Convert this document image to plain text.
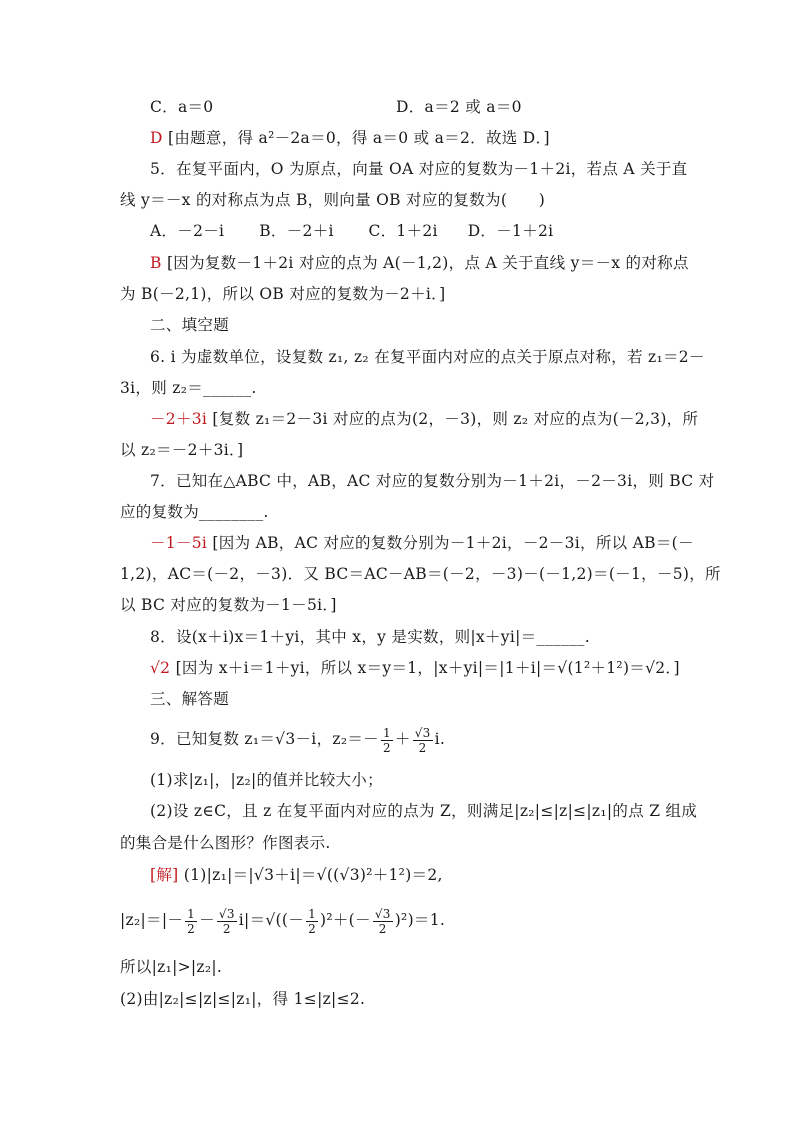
C．a＝0	D．a＝2 或 a＝0
D [由题意，得 a²－2a＝0，得 a＝0 或 a＝2．故选 D．]
5．在复平面内，O 为原点，向量 OA 对应的复数为－1＋2i，若点 A 关于直
线 y＝－x 的对称点为点 B，则向量 OB 对应的复数为(　　)
A．－2－i B．－2＋i C．1＋2i D．－1＋2i
B [因为复数－1＋2i 对应的点为 A(－1,2)，点 A 关于直线 y＝－x 的对称点
为 B(－2,1)，所以 OB 对应的复数为－2＋i．]
二、填空题
6. i 为虚数单位，设复数 z₁, z₂ 在复平面内对应的点关于原点对称，若 z₁＝2－
3i，则 z₂＝______.
－2＋3i [复数 z₁＝2－3i 对应的点为(2，－3)，则 z₂ 对应的点为(－2,3)，所
以 z₂＝－2＋3i．]
7．已知在△ABC 中，AB，AC 对应的复数分别为－1＋2i，－2－3i，则 BC 对
应的复数为________.
－1－5i [因为 AB，AC 对应的复数分别为－1＋2i，－2－3i，所以 AB＝(－
1,2)，AC＝(－2，－3)．又 BC＝AC－AB＝(－2，－3)－(－1,2)＝(－1，－5)，所
以 BC 对应的复数为－1－5i．]
8．设(x＋i)x＝1＋yi，其中 x，y 是实数，则|x＋yi|＝______.
√2 [因为 x＋i＝1＋yi，所以 x＝y＝1，|x＋yi|＝|1＋i|＝√(1²＋1²)＝√2．]
三、解答题
9．已知复数 z₁＝√3－i，$z_2=- \frac{1}{2} + \frac{√3}{2} i$.
(1)求|z₁|，|z₂|的值并比较大小；
(2)设 z∈C，且 z 在复平面内对应的点为 Z，则满足|z₂|≤|z|≤|z₁|的点 Z 组成
的集合是什么图形？作图表示.
[解] (1)|z₁|＝|√3＋i|＝√((√3)²＋1²)＝2,
$|z_2|=|- \frac{1}{2} - \frac{√3}{2} i|=√((- \frac{1}{2} )^2+(- \frac{√3}{2} )^2)=1$.
所以|z₁|>|z₂|.
(2)由|z₂|≤|z|≤|z₁|，得 1≤|z|≤2.
